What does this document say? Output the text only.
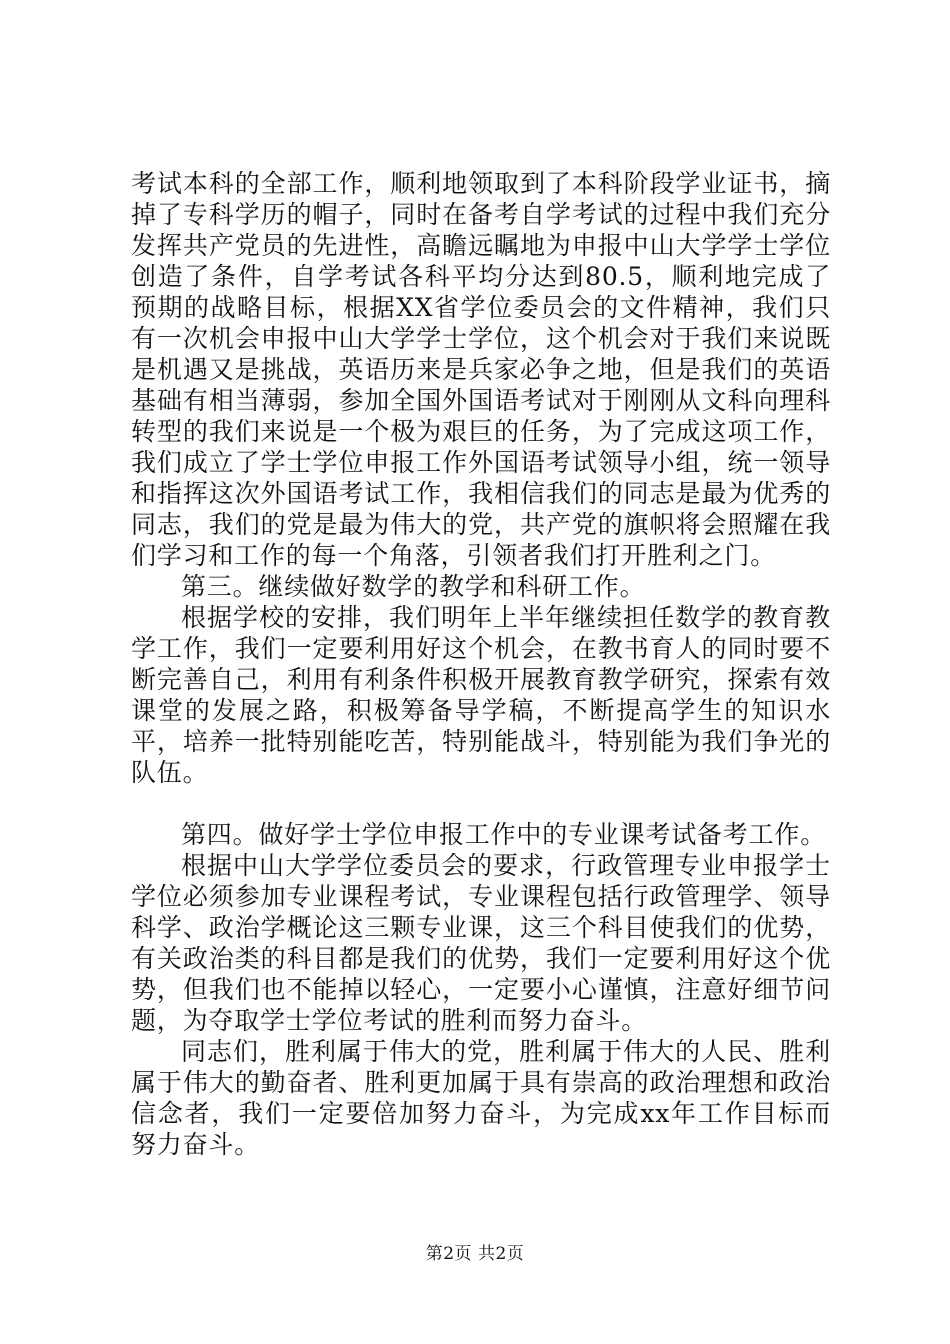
考试本科的全部工作，顺利地领取到了本科阶段学业证书，摘掉了专科学历的帽子，同时在备考自学考试的过程中我们充分发挥共产党员的先进性，高瞻远瞩地为申报中山大学学士学位创造了条件，自学考试各科平均分达到80.5，顺利地完成了预期的战略目标，根据XX省学位委员会的文件精神，我们只有一次机会申报中山大学学士学位，这个机会对于我们来说既是机遇又是挑战，英语历来是兵家必争之地，但是我们的英语基础有相当薄弱，参加全国外国语考试对于刚刚从文科向理科转型的我们来说是一个极为艰巨的任务，为了完成这项工作，我们成立了学士学位申报工作外国语考试领导小组，统一领导和指挥这次外国语考试工作，我相信我们的同志是最为优秀的同志，我们的党是最为伟大的党，共产党的旗帜将会照耀在我们学习和工作的每一个角落，引领者我们打开胜利之门。

第三。继续做好数学的教学和科研工作。

根据学校的安排，我们明年上半年继续担任数学的教育教学工作，我们一定要利用好这个机会，在教书育人的同时要不断完善自己，利用有利条件积极开展教育教学研究，探索有效课堂的发展之路，积极筹备导学稿，不断提高学生的知识水平，培养一批特别能吃苦，特别能战斗，特别能为我们争光的队伍。

第四。做好学士学位申报工作中的专业课考试备考工作。

根据中山大学学位委员会的要求，行政管理专业申报学士学位必须参加专业课程考试，专业课程包括行政管理学、领导科学、政治学概论这三颗专业课，这三个科目使我们的优势，有关政治类的科目都是我们的优势，我们一定要利用好这个优势，但我们也不能掉以轻心，一定要小心谨慎，注意好细节问题，为夺取学士学位考试的胜利而努力奋斗。

同志们，胜利属于伟大的党，胜利属于伟大的人民、胜利属于伟大的勤奋者、胜利更加属于具有崇高的政治理想和政治信念者，我们一定要倍加努力奋斗，为完成xx年工作目标而努力奋斗。

第2页 共2页
